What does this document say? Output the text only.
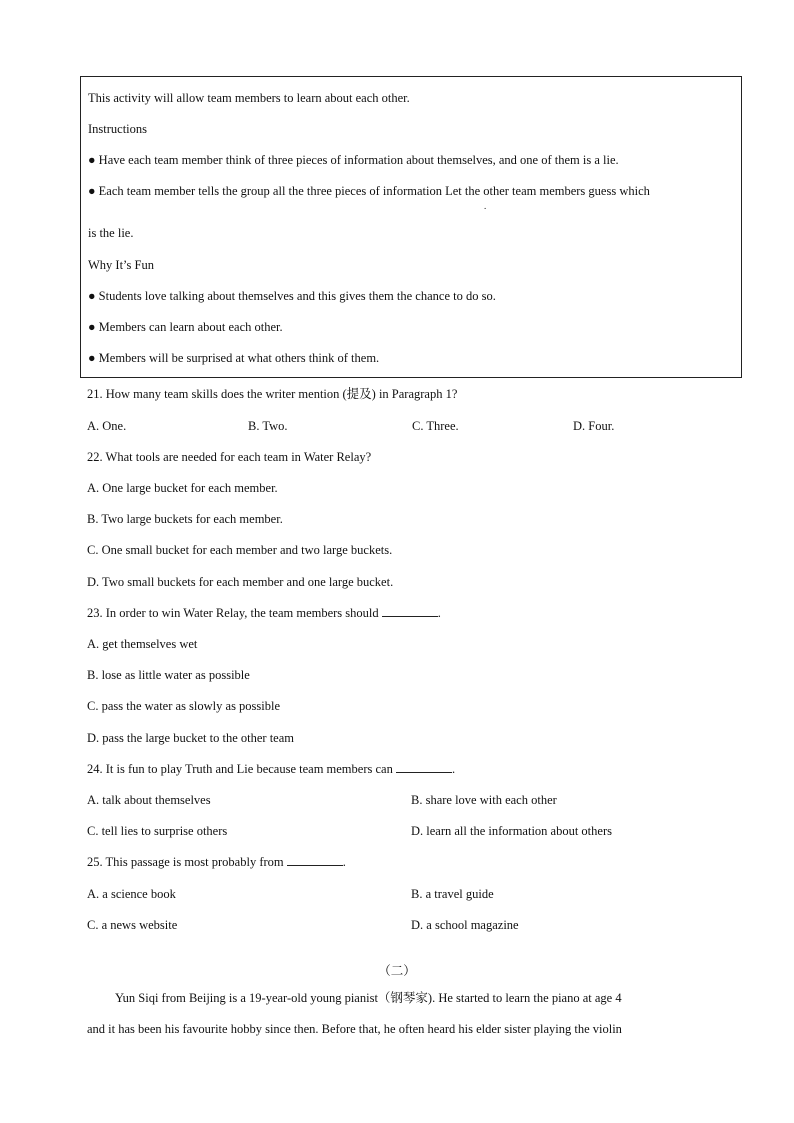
This activity will allow team members to learn about each other.
Instructions
● Have each team member think of three pieces of information about themselves, and one of them is a lie.
● Each team member tells the group all the three pieces of information Let the other team members guess which
is the lie.
Why It’s Fun
● Students love talking about themselves and this gives them the chance to do so.
● Members can learn about each other.
● Members will be surprised at what others think of them.
.
21. How many team skills does the writer mention (提及) in Paragraph 1?
A. One.	B. Two.	C. Three.	D. Four.
22. What tools are needed for each team in Water Relay?
A. One large bucket for each member.
B. Two large buckets for each member.
C. One small bucket for each member and two large buckets.
D. Two small buckets for each member and one large bucket.
23. In order to win Water Relay, the team members should	.
A. get themselves wet
B. lose as little water as possible
C. pass the water as slowly as possible
D. pass the large bucket to the other team
24. It is fun to play Truth and Lie because team members can	.
A. talk about themselves	B. share love with each other
C. tell lies to surprise others	D. learn all the information about others
25. This passage is most probably from	.
A. a science book	B. a travel guide
C. a news website	D. a school magazine
（二）
Yun Siqi from Beijing is a 19-year-old young pianist（钢琴家). He started to learn the piano at age 4
and it has been his favourite hobby since then. Before that, he often heard his elder sister playing the violin
